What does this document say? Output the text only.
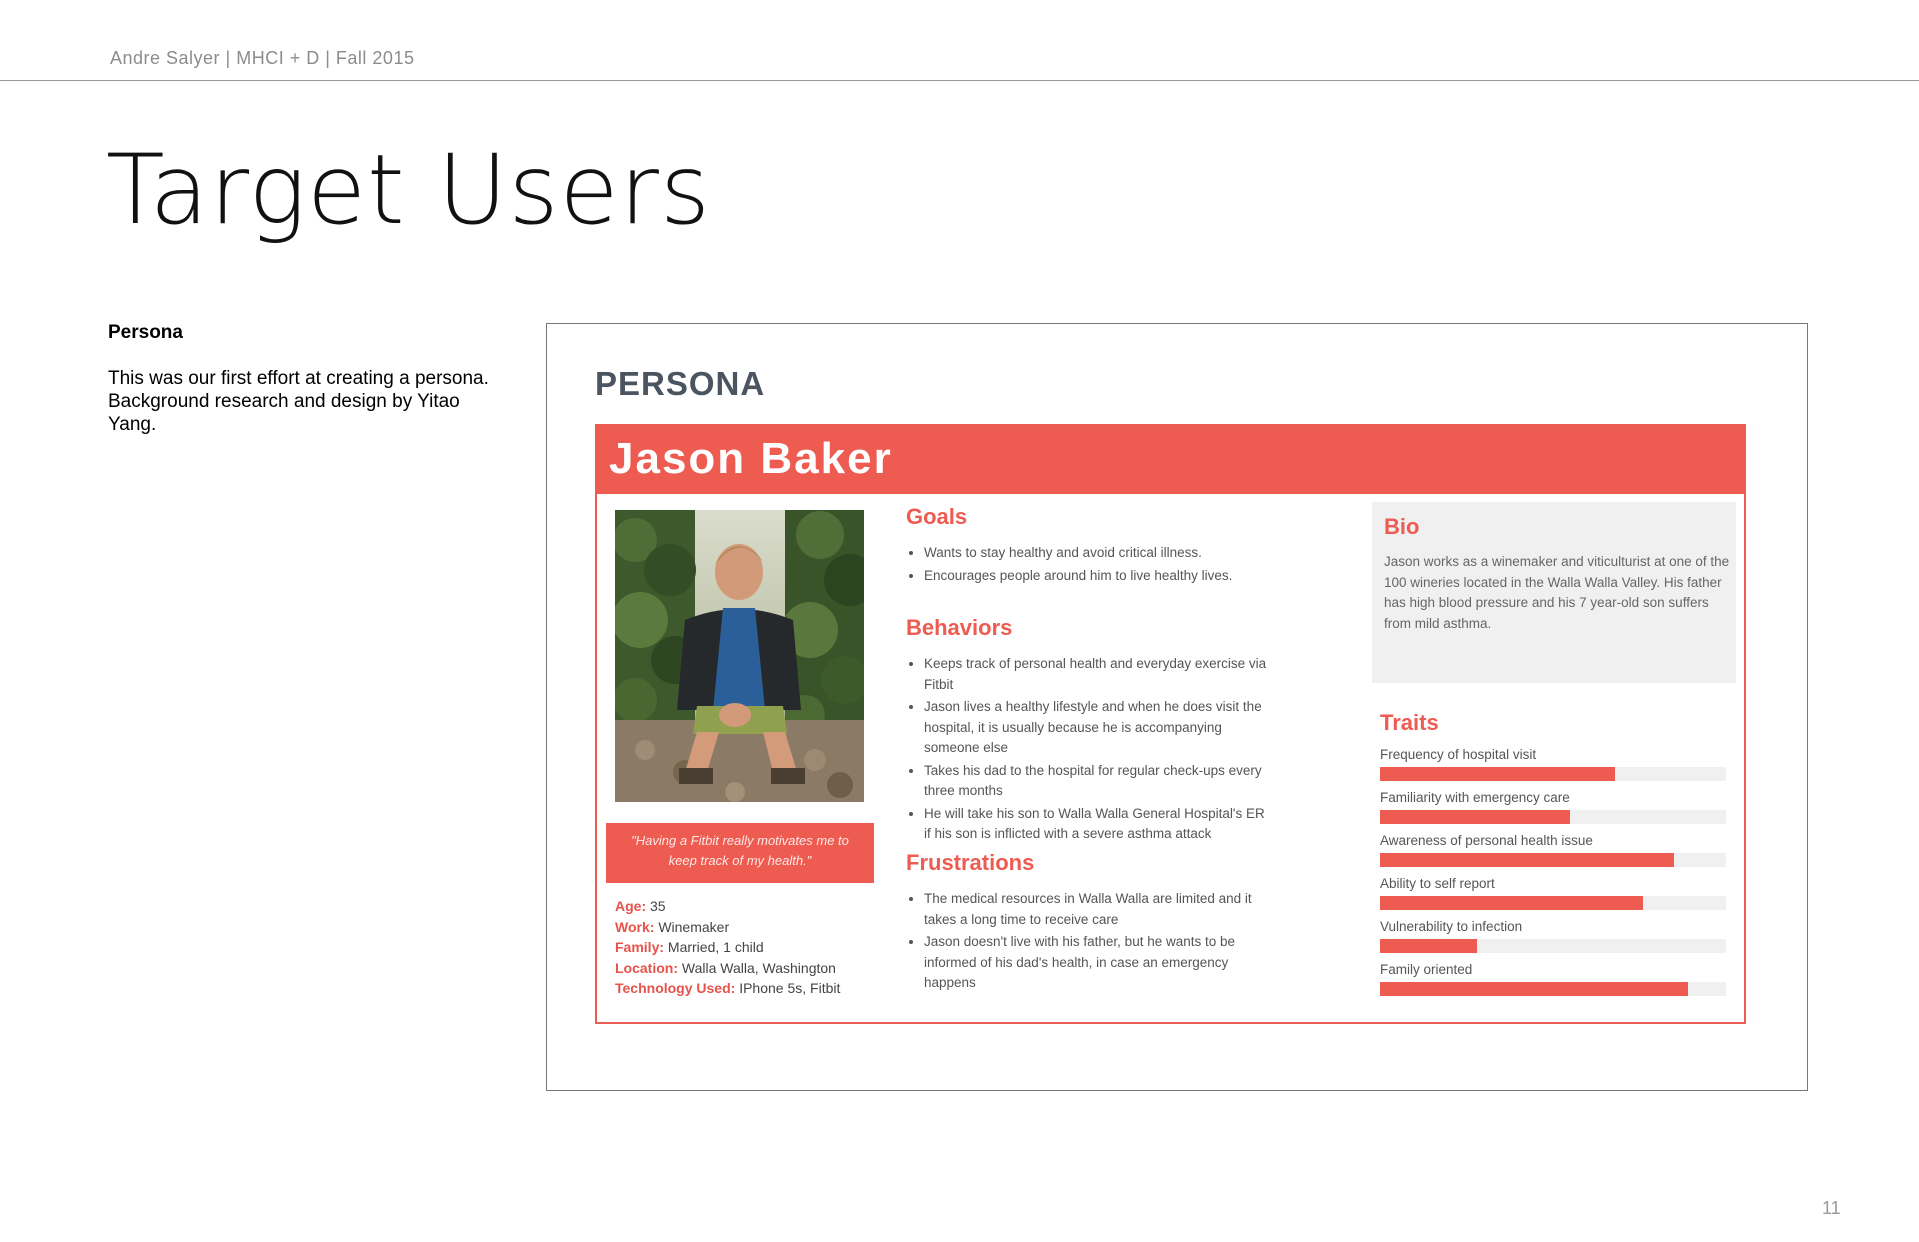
Andre Salyer | MHCI + D | Fall 2015
Target Users
Persona
This was our first effort at creating a persona. Background research and design by Yitao Yang.
PERSONA
Jason Baker
"Having a Fitbit really motivates me to keep track of my health."
Age: 35
Work: Winemaker
Family: Married, 1 child
Location: Walla Walla, Washington
Technology Used: IPhone 5s, Fitbit
Goals
• Wants to stay healthy and avoid critical illness.
• Encourages people around him to live healthy lives.
Behaviors
• Keeps track of personal health and everyday exercise via Fitbit
• Jason lives a healthy lifestyle and when he does visit the hospital, it is usually because he is accompanying someone else
• Takes his dad to the hospital for regular check-ups every three months
• He will take his son to Walla Walla General Hospital's ER if his son is inflicted with a severe asthma attack
Frustrations
• The medical resources in Walla Walla are limited and it takes a long time to receive care
• Jason doesn't live with his father, but he wants to be informed of his dad's health, in case an emergency happens
Bio
Jason works as a winemaker and viticulturist at one of the 100 wineries located in the Walla Walla Valley. His father has high blood pressure and his 7 year-old son suffers from mild asthma.
Traits
Frequency of hospital visit
Familiarity with emergency care
Awareness of personal health issue
Ability to self report
Vulnerability to infection
Family oriented
11
